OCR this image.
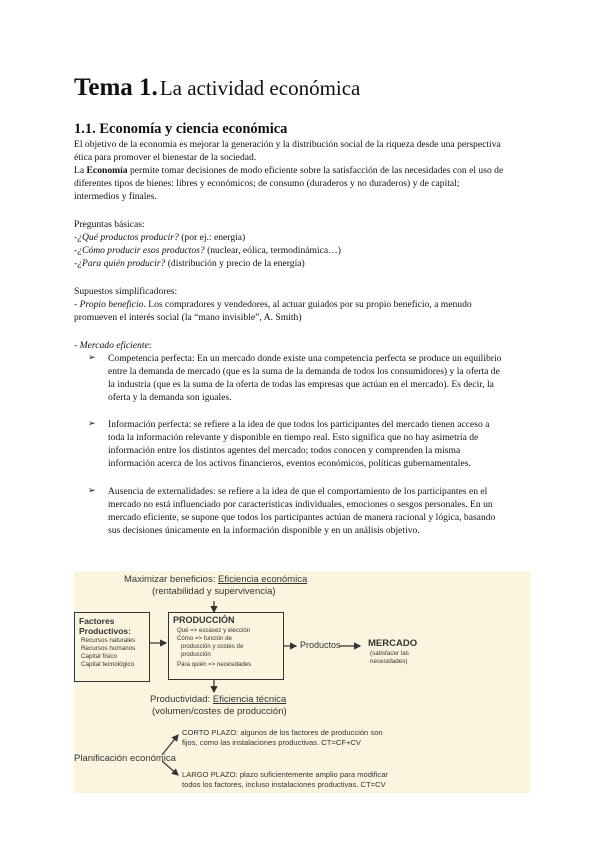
Tema 1.La actividad económica
1.1. Economía y ciencia económica
El objetivo de la economía es mejorar la generación y la distribución social de la riqueza desde una perspectiva
ética para promover el bienestar de la sociedad.
La Economía permite tomar decisiones de modo eficiente sobre la satisfacción de las necesidades con el uso de
diferentes tipos de bienes: libres y económicos; de consumo (duraderos y no duraderos) y de capital;
intermedios y finales.
Preguntas básicas:
-¿Qué productos producir? (por ej.: energía)
-¿Cómo producir esos productos? (nuclear, eólica, termodinámica…)
-¿Para quién producir? (distribución y precio de la energía)
Supuestos simplificadores:
- Propio beneficio. Los compradores y vendedores, al actuar guiados por su propio beneficio, a menudo
promueven el interés social (la “mano invisible”, A. Smith)
- Mercado eficiente:
➢ Competencia perfecta: En un mercado donde existe una competencia perfecta se produce un equilibrio
entre la demanda de mercado (que es la suma de la demanda de todos los consumidores) y la oferta de
la industria (que es la suma de la oferta de todas las empresas que actúan en el mercado). Es decir, la
oferta y la demanda son iguales.
➢ Información perfecta: se refiere a la idea de que todos los participantes del mercado tienen acceso a
toda la información relevante y disponible en tiempo real. Esto significa que no hay asimetría de
información entre los distintos agentes del mercado; todos conocen y comprenden la misma
información acerca de los activos financieros, eventos económicos, políticas gubernamentales.
➢ Ausencia de externalidades: se refiere a la idea de que el comportamiento de los participantes en el
mercado no está influenciado por características individuales, emociones o sesgos personales. En un
mercado eficiente, se supone que todos los participantes actúan de manera racional y lógica, basando
sus decisiones únicamente en la información disponible y en un análisis objetivo.
Maximizar beneficios: Eficiencia económica
(rentabilidad y supervivencia)
Factores
Productivos:
Recursos naturales
Recursos humanos
Capital físico
Capital tecnológico
PRODUCCIÓN
Qué => escasez y elección
Cómo => función de
producción y costes de
producción
Para quién => necesidades
Productos	MERCADO
(satisfacer las
necesidades)
Productividad: Eficiencia técnica
(volumen/costes de producción)
Planificación económica
CORTO PLAZO: algunos de los factores de producción son
fijos, como las instalaciones productivas. CT=CF+CV
LARGO PLAZO: plazo suficientemente amplio para modificar
todos los factores, incluso instalaciones productivas. CT=CV
